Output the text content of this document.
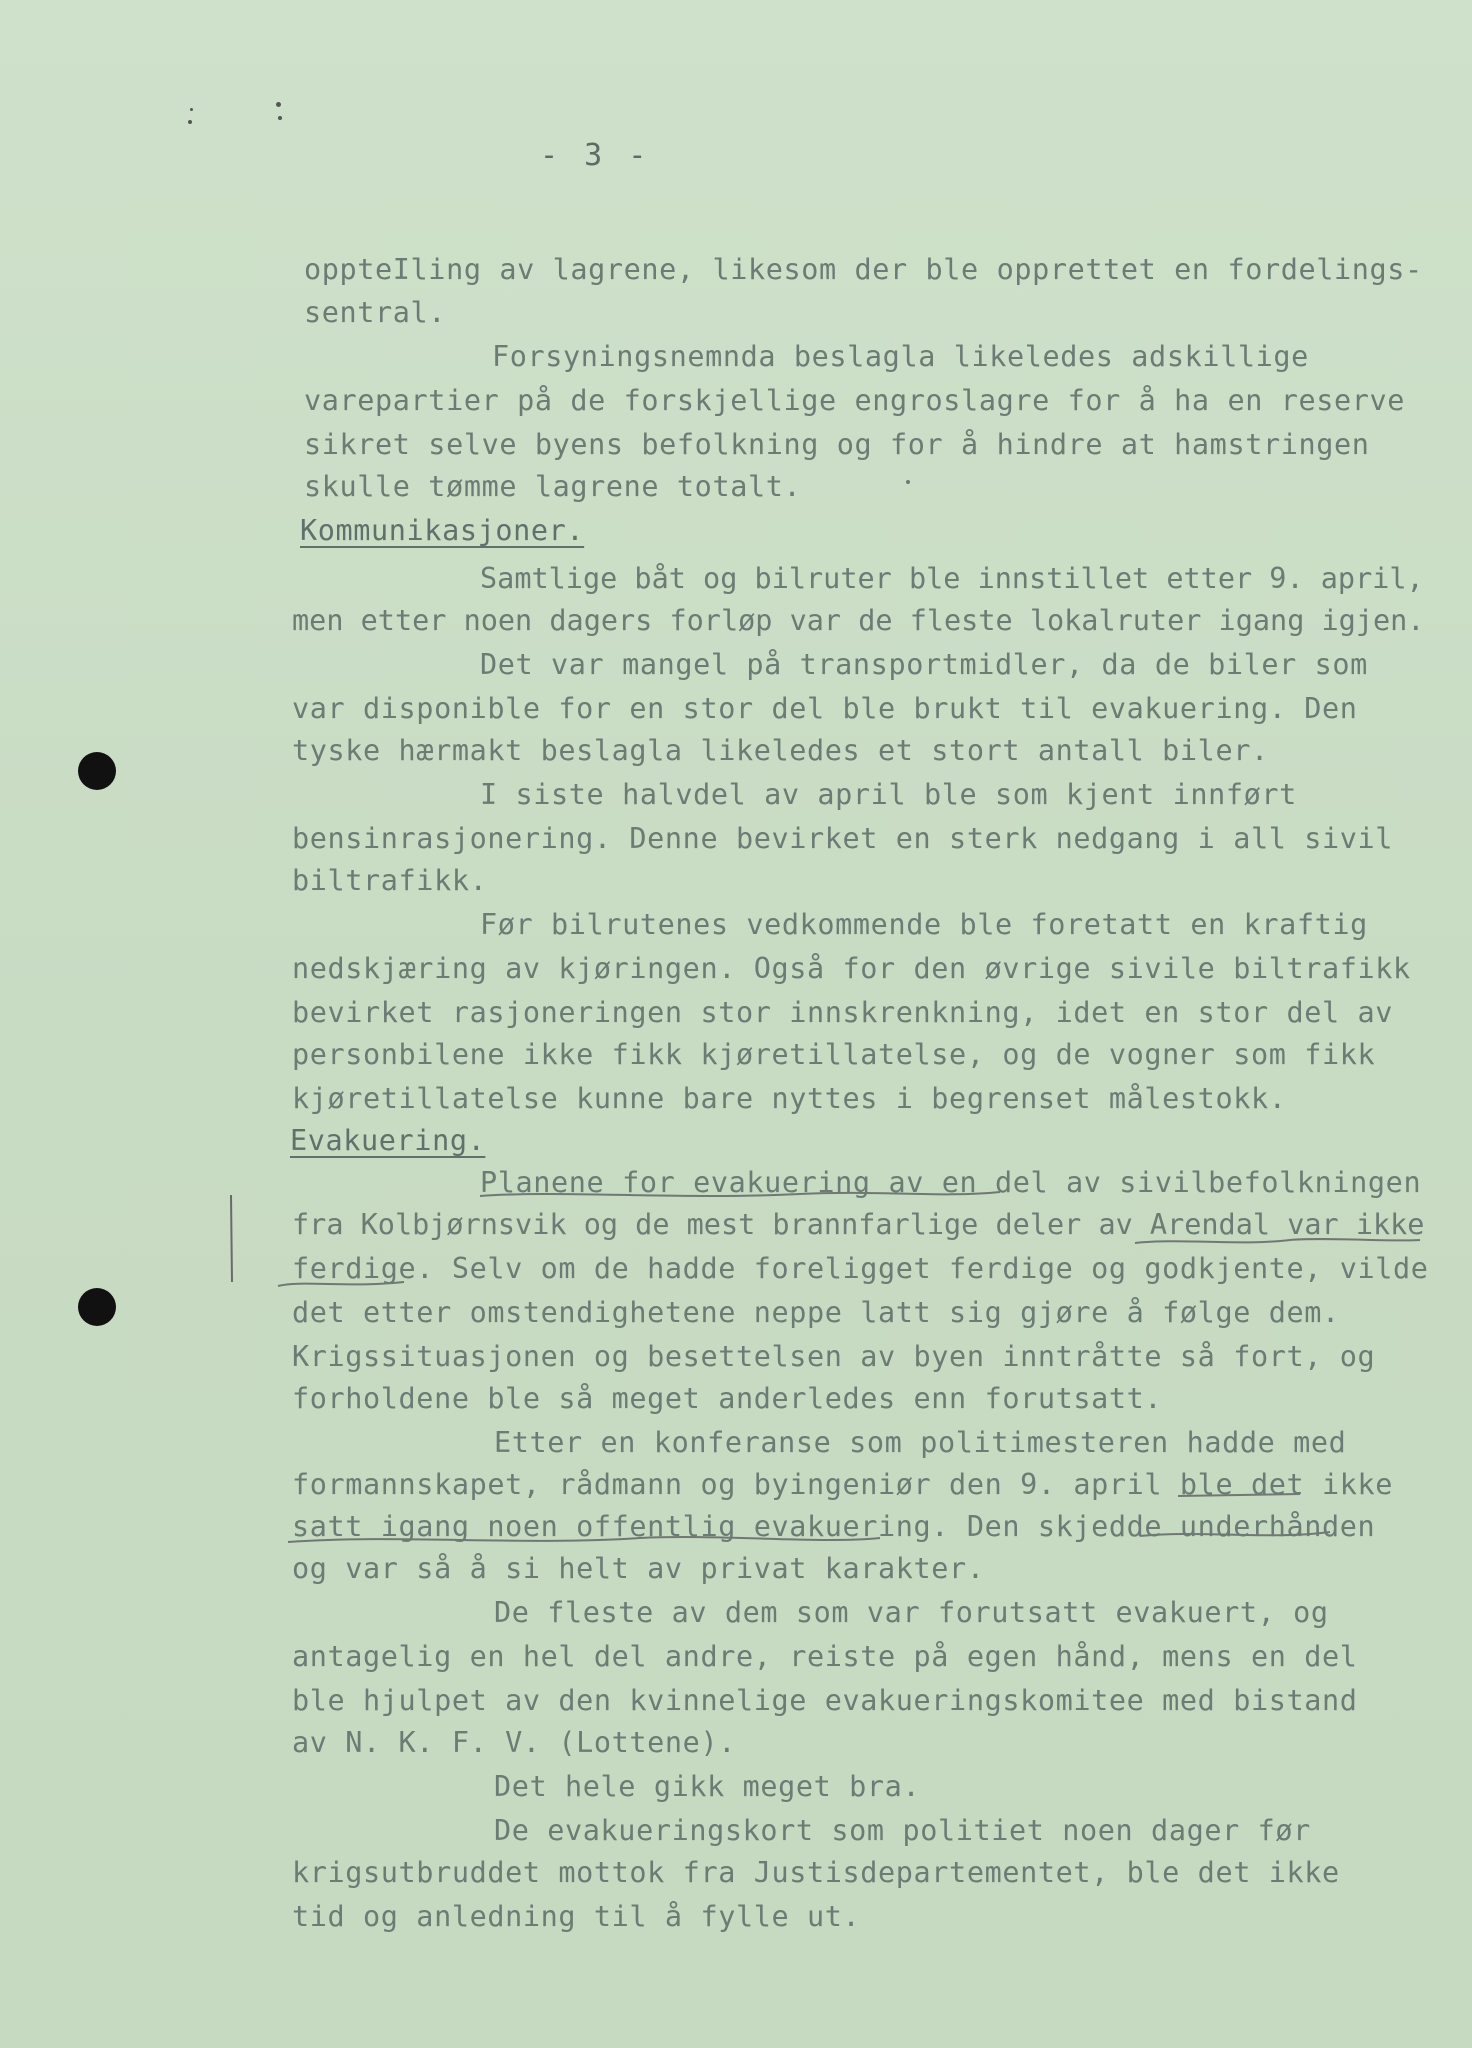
- 3 -
oppteIling av lagrene, likesom der ble opprettet en fordelings-
sentral.
Forsyningsnemnda beslagla likeledes adskillige
varepartier på de forskjellige engroslagre for å ha en reserve
sikret selve byens befolkning og for å hindre at hamstringen
skulle tømme lagrene totalt.
Kommunikasjoner.
Samtlige båt og bilruter ble innstillet etter 9. april,
men etter noen dagers forløp var de fleste lokalruter igang igjen.
Det var mangel på transportmidler, da de biler som
var disponible for en stor del ble brukt til evakuering. Den
tyske hærmakt beslagla likeledes et stort antall biler.
I siste halvdel av april ble som kjent innført
bensinrasjonering. Denne bevirket en sterk nedgang i all sivil
biltrafikk.
Før bilrutenes vedkommende ble foretatt en kraftig
nedskjæring av kjøringen. Også for den øvrige sivile biltrafikk
bevirket rasjoneringen stor innskrenkning, idet en stor del av
personbilene ikke fikk kjøretillatelse, og de vogner som fikk
kjøretillatelse kunne bare nyttes i begrenset målestokk.
Evakuering.
Planene for evakuering av en del av sivilbefolkningen
fra Kolbjørnsvik og de mest brannfarlige deler av Arendal var ikke
ferdige. Selv om de hadde foreligget ferdige og godkjente, vilde
det etter omstendighetene neppe latt sig gjøre å følge dem.
Krigssituasjonen og besettelsen av byen inntråtte så fort, og
forholdene ble så meget anderledes enn forutsatt.
Etter en konferanse som politimesteren hadde med
formannskapet, rådmann og byingeniør den 9. april ble det ikke
satt igang noen offentlig evakuering. Den skjedde underhånden
og var så å si helt av privat karakter.
De fleste av dem som var forutsatt evakuert, og
antagelig en hel del andre, reiste på egen hånd, mens en del
ble hjulpet av den kvinnelige evakueringskomitee med bistand
av N. K. F. V. (Lottene).
Det hele gikk meget bra.
De evakueringskort som politiet noen dager før
krigsutbruddet mottok fra Justisdepartementet, ble det ikke
tid og anledning til å fylle ut.
